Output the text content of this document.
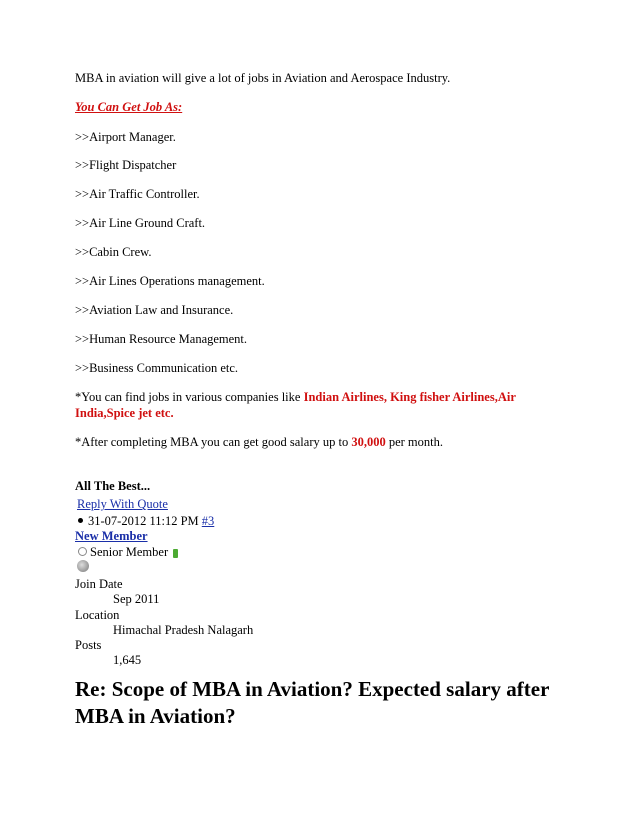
MBA in aviation will give a lot of jobs in Aviation and Aerospace Industry.
You Can Get Job As:
>>Airport Manager.
>>Flight Dispatcher
>>Air Traffic Controller.
>>Air Line Ground Craft.
>>Cabin Crew.
>>Air Lines Operations management.
>>Aviation Law and Insurance.
>>Human Resource Management.
>>Business Communication etc.
*You can find jobs in various companies like Indian Airlines, King fisher Airlines,Air
India,Spice jet etc.
*After completing MBA you can get good salary up to 30,000 per month.
All The Best...
Reply With Quote
31-07-2012 11:12 PM #3
New Member
Senior Member
Join Date
Sep 2011
Location
Himachal Pradesh Nalagarh
Posts
1,645
Re: Scope of MBA in Aviation? Expected salary after MBA in Aviation?
